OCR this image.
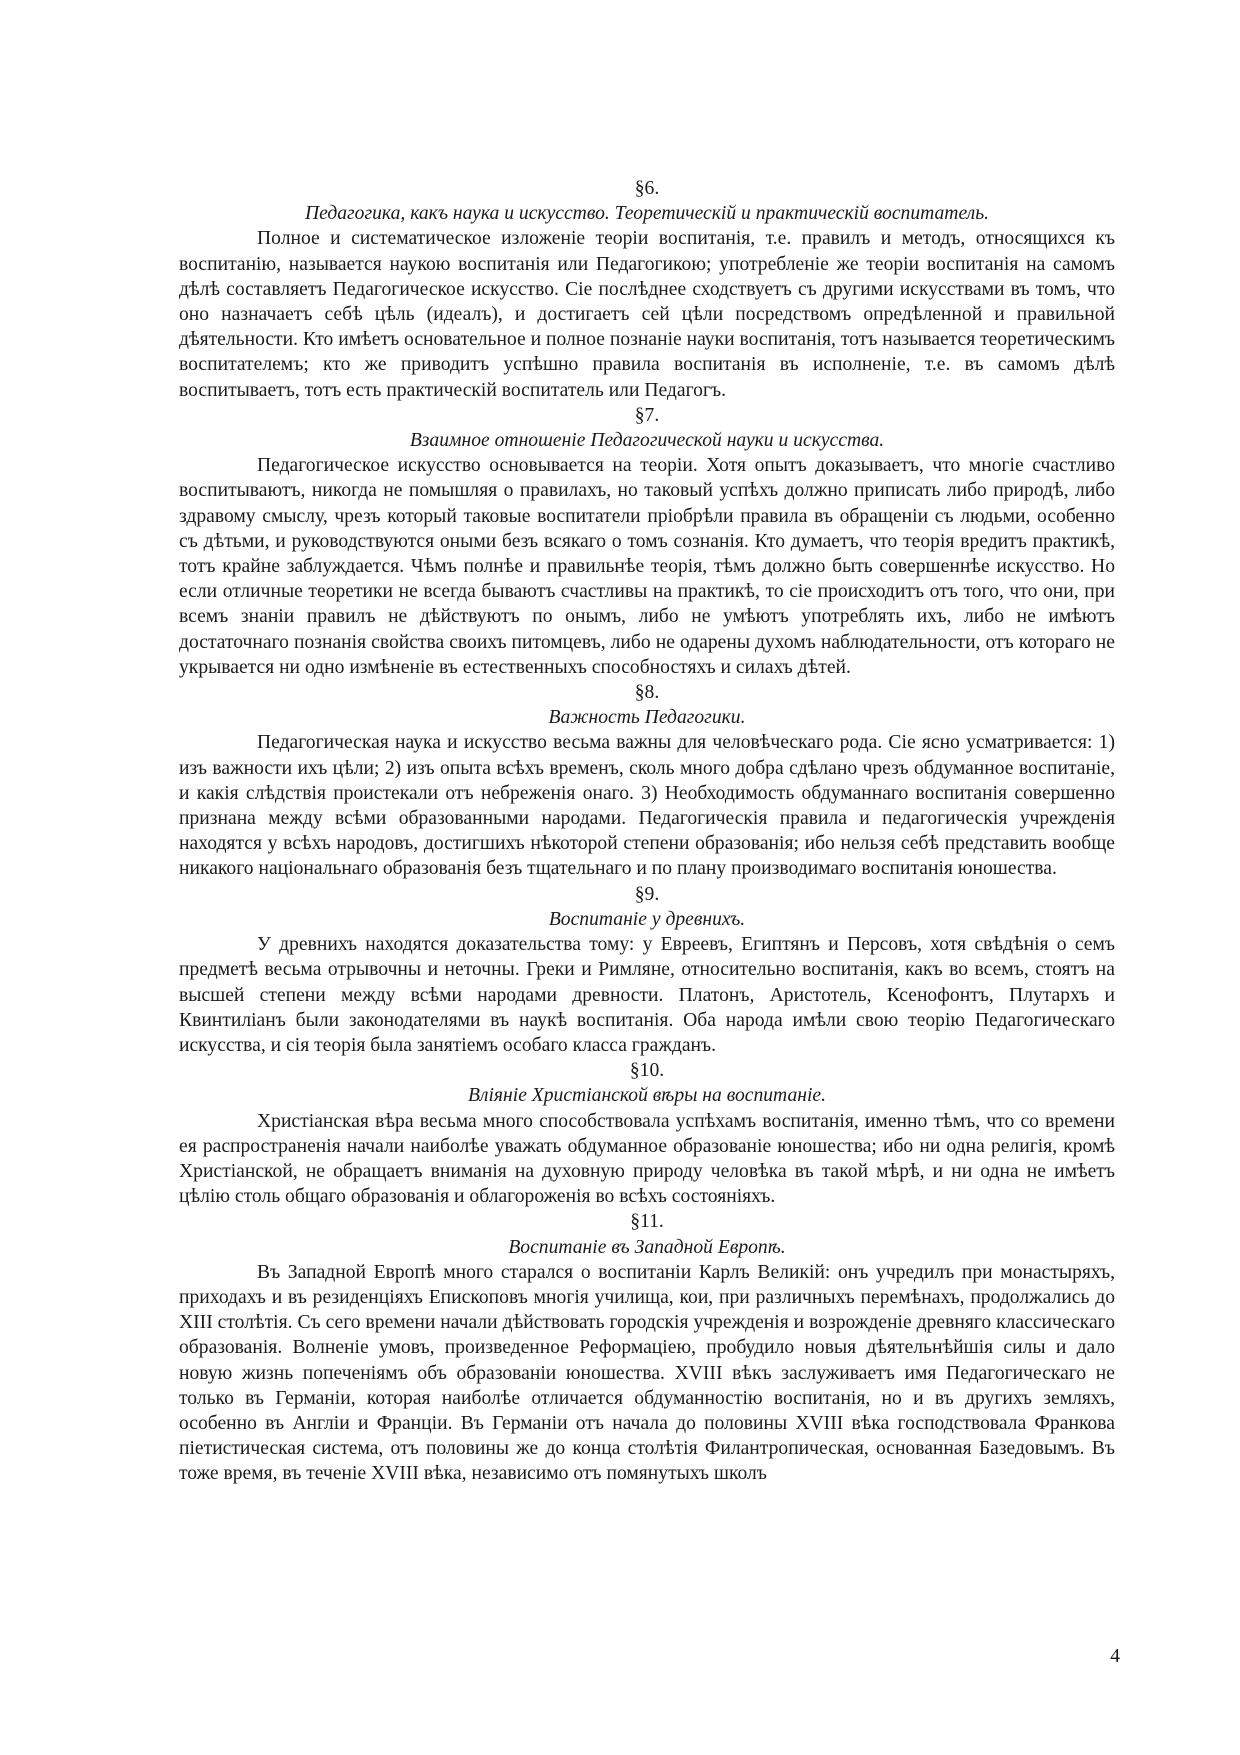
§6.

Педагогика, какъ наука и искусство. Теоретическій и практическій воспитатель.

Полное и систематическое изложеніе теоріи воспитанія, т.е. правилъ и методъ, относящихся къ воспитанію, называется наукою воспитанія или Педагогикою; употребленіе же теоріи воспитанія на самомъ дѣлѣ составляетъ Педагогическое искусство. Сіе послѣднее сходствуетъ съ другими искусствами въ томъ, что оно назначаетъ себѣ цѣль (идеалъ), и достигаетъ сей цѣли посредствомъ опредѣленной и правильной дѣятельности. Кто имѣетъ основательное и полное познаніе науки воспитанія, тотъ называется теоретическимъ воспитателемъ; кто же приводитъ успѣшно правила воспитанія въ исполненіе, т.е. въ самомъ дѣлѣ воспитываетъ, тотъ есть практическій воспитатель или Педагогъ.

§7.

Взаимное отношеніе Педагогической науки и искусства.

Педагогическое искусство основывается на теоріи. Хотя опытъ доказываетъ, что многіе счастливо воспитываютъ, никогда не помышляя о правилахъ, но таковый успѣхъ должно приписать либо природѣ, либо здравому смыслу, чрезъ который таковые воспитатели пріобрѣли правила въ обращеніи съ людьми, особенно съ дѣтьми, и руководствуются оными безъ всякаго о томъ сознанія. Кто думаетъ, что теорія вредитъ практикѣ, тотъ крайне заблуждается. Чѣмъ полнѣе и правильнѣе теорія, тѣмъ должно быть совершеннѣе искусство. Но если отличные теоретики не всегда бываютъ счастливы на практикѣ, то сіе происходитъ отъ того, что они, при всемъ знаніи правилъ не дѣйствуютъ по онымъ, либо не умѣютъ употреблять ихъ, либо не имѣютъ достаточнаго познанія свойства своихъ питомцевъ, либо не одарены духомъ наблюдательности, отъ котораго не укрывается ни одно измѣненіе въ естественныхъ способностяхъ и силахъ дѣтей.

§8.

Важность Педагогики.

Педагогическая наука и искусство весьма важны для человѣческаго рода. Сіе ясно усматривается: 1) изъ важности ихъ цѣли; 2) изъ опыта всѣхъ временъ, сколь много добра сдѣлано чрезъ обдуманное воспитаніе, и какія слѣдствія проистекали отъ небреженія онаго. 3) Необходимость обдуманнаго воспитанія совершенно признана между всѣми образованными народами. Педагогическія правила и педагогическія учрежденія находятся у всѣхъ народовъ, достигшихъ нѣкоторой степени образованія; ибо нельзя себѣ представить вообще никакого національнаго образованія безъ тщательнаго и по плану производимаго воспитанія юношества.

§9.

Воспитаніе у древнихъ.

У древнихъ находятся доказательства тому: у Евреевъ, Египтянъ и Персовъ, хотя свѣдѣнія о семъ предметѣ весьма отрывочны и неточны. Греки и Римляне, относительно воспитанія, какъ во всемъ, стоятъ на высшей степени между всѣми народами древности. Платонъ, Аристотель, Ксенофонтъ, Плутархъ и Квинтиліанъ были законодателями въ наукѣ воспитанія. Оба народа имѣли свою теорію Педагогическаго искусства, и сія теорія была занятіемъ особаго класса гражданъ.

§10.

Вліяніе Христіанской вѣры на воспитаніе.

Христіанская вѣра весьма много способствовала успѣхамъ воспитанія, именно тѣмъ, что со времени ея распространенія начали наиболѣе уважать обдуманное образованіе юношества; ибо ни одна религія, кромѣ Христіанской, не обращаетъ вниманія на духовную природу человѣка въ такой мѣрѣ, и ни одна не имѣетъ цѣлію столь общаго образованія и облагороженія во всѣхъ состояніяхъ.

§11.

Воспитаніе въ Западной Европѣ.

Въ Западной Европѣ много старался о воспитаніи Карлъ Великій: онъ учредилъ при монастыряхъ, приходахъ и въ резиденціяхъ Епископовъ многія училища, кои, при различныхъ перемѣнахъ, продолжались до XIII столѣтія. Съ сего времени начали дѣйствовать городскія учрежденія и возрожденіе древняго классическаго образованія. Волненіе умовъ, произведенное Реформаціею, пробудило новыя дѣятельнѣйшія силы и дало новую жизнь попеченіямъ объ образованіи юношества. XVIII вѣкъ заслуживаетъ имя Педагогическаго не только въ Германіи, которая наиболѣе отличается обдуманностію воспитанія, но и въ другихъ земляхъ, особенно въ Англіи и Франціи. Въ Германіи отъ начала до половины XVIII вѣка господствовала Франкова піетистическая система, отъ половины же до конца столѣтія Филантропическая, основанная Базедовымъ. Въ тоже время, въ теченіе XVIII вѣка, независимо отъ помянутыхъ школъ

4
